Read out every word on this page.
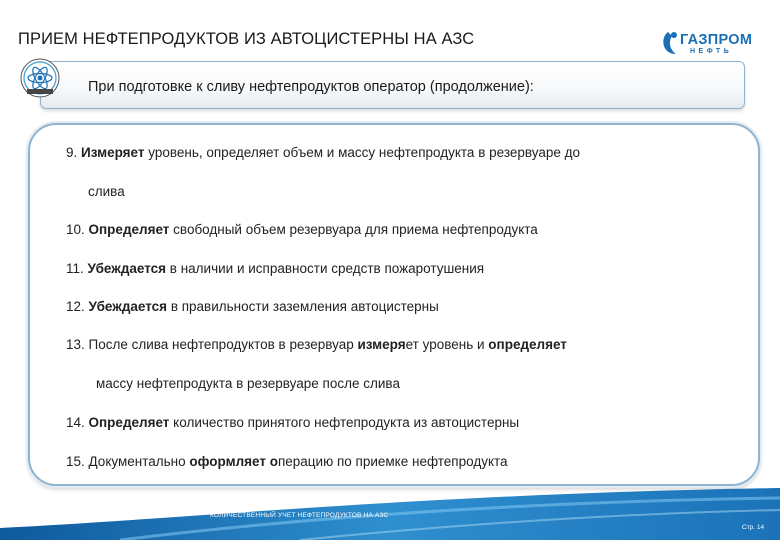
ПРИЕМ НЕФТЕПРОДУКТОВ ИЗ АВТОЦИСТЕРНЫ НА АЗС	ГАЗПРОМ
НЕФТЬ
При подготовке к сливу нефтепродуктов оператор (продолжение):
9. Измеряет уровень, определяет объем и массу нефтепродукта в резервуаре до
слива
10. Определяет свободный объем резервуара для приема нефтепродукта
11. Убеждается в наличии и исправности средств пожаротушения
12. Убеждается в правильности заземления автоцистерны
13. После слива нефтепродуктов в резервуар измеряет уровень и определяет
массу нефтепродукта в резервуаре после слива
14. Определяет количество принятого нефтепродукта из автоцистерны
15. Документально оформляет операцию по приемке нефтепродукта
КОЛИЧЕСТВЕННЫЙ УЧЕТ НЕФТЕПРОДУКТОВ НА АЗС
Стр. 14
